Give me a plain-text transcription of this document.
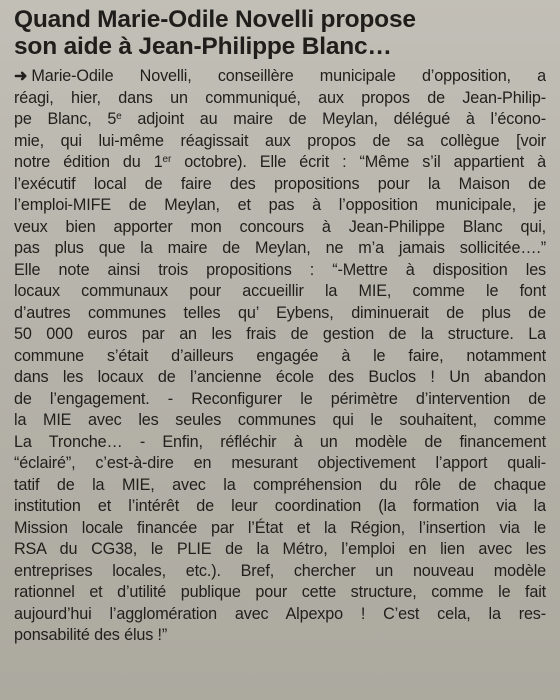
Quand Marie-Odile Novelli propose
son aide à Jean-Philippe Blanc…
➜ Marie-Odile Novelli, conseillère municipale d’opposition, a
réagi, hier, dans un communiqué, aux propos de Jean-Philip-
pe Blanc, 5e adjoint au maire de Meylan, délégué à l’écono-
mie, qui lui-même réagissait aux propos de sa collègue [voir
notre édition du 1er octobre). Elle écrit : “Même s’il appartient à
l’exécutif local de faire des propositions pour la Maison de
l’emploi-MIFE de Meylan, et pas à l’opposition municipale, je
veux bien apporter mon concours à Jean-Philippe Blanc qui,
pas plus que la maire de Meylan, ne m’a jamais sollicitée….”
Elle note ainsi trois propositions : “-Mettre à disposition les
locaux communaux pour accueillir la MIE, comme le font
d’autres communes telles qu’ Eybens, diminuerait de plus de
50 000 euros par an les frais de gestion de la structure. La
commune s’était d’ailleurs engagée à le faire, notamment
dans les locaux de l’ancienne école des Buclos ! Un abandon
de l’engagement. - Reconfigurer le périmètre d’intervention de
la MIE avec les seules communes qui le souhaitent, comme
La Tronche… - Enfin, réfléchir à un modèle de financement
“éclairé”, c’est-à-dire en mesurant objectivement l’apport quali-
tatif de la MIE, avec la compréhension du rôle de chaque
institution et l’intérêt de leur coordination (la formation via la
Mission locale financée par l’État et la Région, l’insertion via le
RSA du CG38, le PLIE de la Métro, l’emploi en lien avec les
entreprises locales, etc.). Bref, chercher un nouveau modèle
rationnel et d’utilité publique pour cette structure, comme le fait
aujourd’hui l’agglomération avec Alpexpo ! C’est cela, la res-
ponsabilité des élus !”
